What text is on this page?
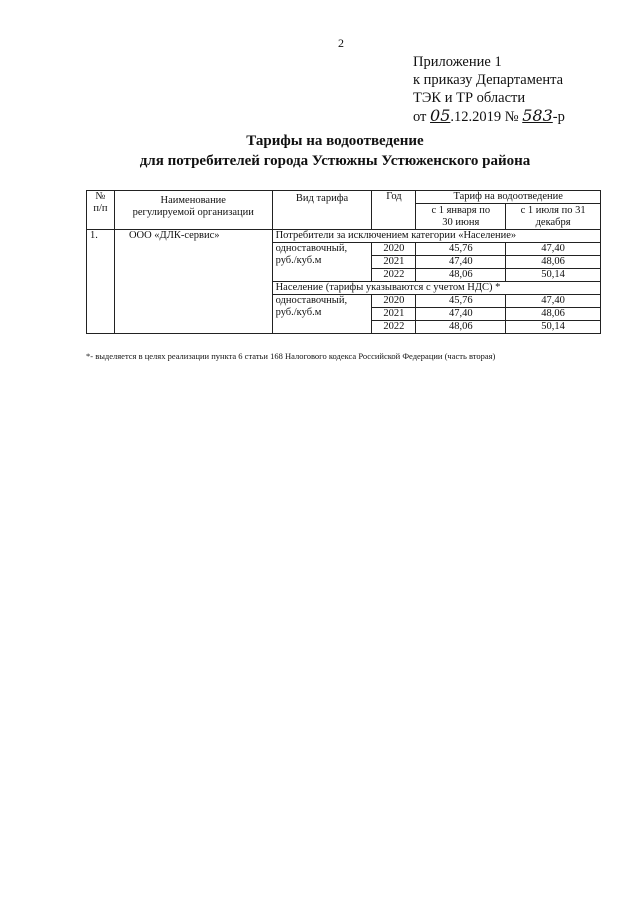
2
Приложение 1
к приказу Департамента
ТЭК и ТР области
от 05.12.2019 № 583-р
Тарифы на водоотведение
для потребителей города Устюжны Устюженского района
№ п/п	Наименование регулируемой организации	Вид тарифа	Год	Тариф на водоотведение	
				с 1 января по 30 июня	с 1 июля по 31 декабря
1.	ООО «ДЛК-сервис»	Потребители за исключением категории «Население»			
		одноставочный, руб./куб.м	2020	45,76	47,40
			2021	47,40	48,06
			2022	48,06	50,14
		Население (тарифы указываются с учетом НДС) *			
		одноставочный, руб./куб.м	2020	45,76	47,40
			2021	47,40	48,06
			2022	48,06	50,14
*- выделяется в целях реализации пункта 6 статьи 168 Налогового кодекса Российской Федерации (часть вторая)
